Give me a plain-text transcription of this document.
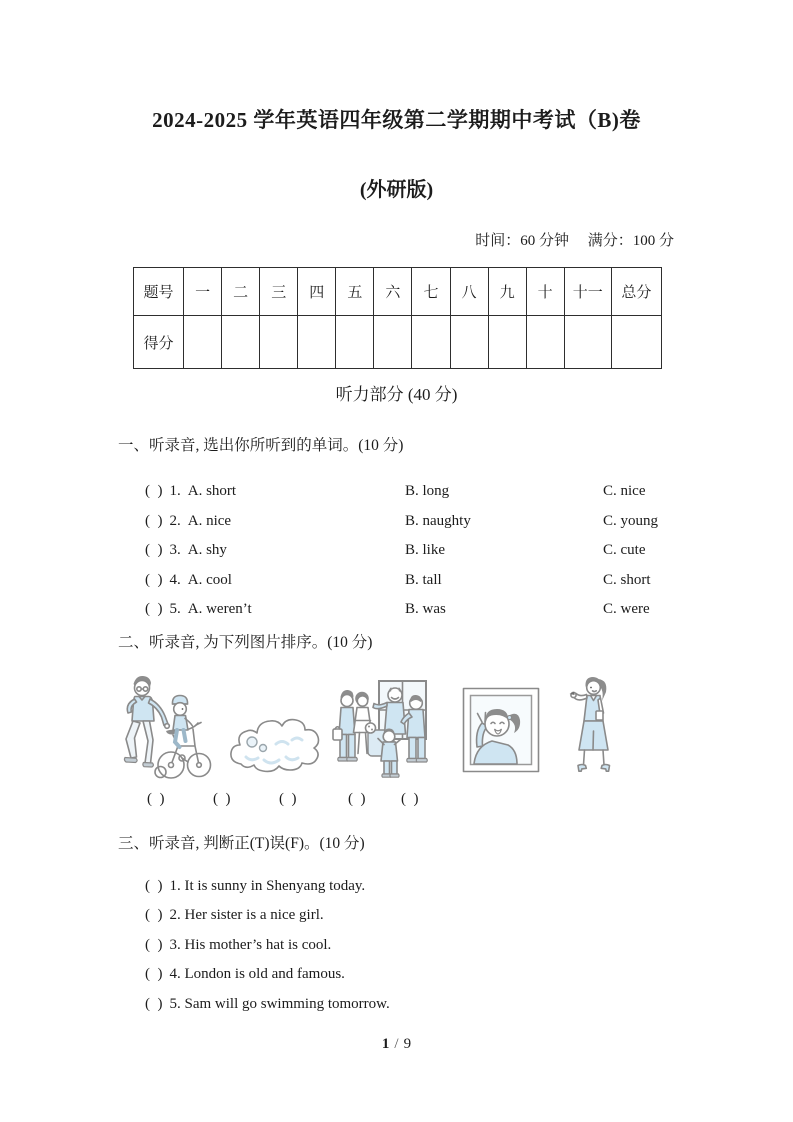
2024-2025 学年英语四年级第二学期期中考试（B)卷
(外研版)
时间：60 分钟 满分：100 分
题号	一	二	三	四	五	六	七	八	九	十	十一	总分
得分												
听力部分 (40 分)
一、听录音, 选出你所听到的单词。(10 分)
(  ) 1. A. short	B. long	C. nice
(  ) 2. A. nice	B. naughty	C. young
(  ) 3. A. shy	B. like	C. cute
(  ) 4. A. cool	B. tall	C. short
(  ) 5. A. weren’t	B. was	C. were
二、听录音, 为下列图片排序。(10 分)
(  )	(  )	(  )	(  ) (  )
三、听录音, 判断正(T)误(F)。(10 分)
(  ) 1. It is sunny in Shenyang today.
(  ) 2. Her sister is a nice girl.
(  ) 3. His mother’s hat is cool.
(  ) 4. London is old and famous.
(  ) 5. Sam will go swimming tomorrow.
1 / 9
